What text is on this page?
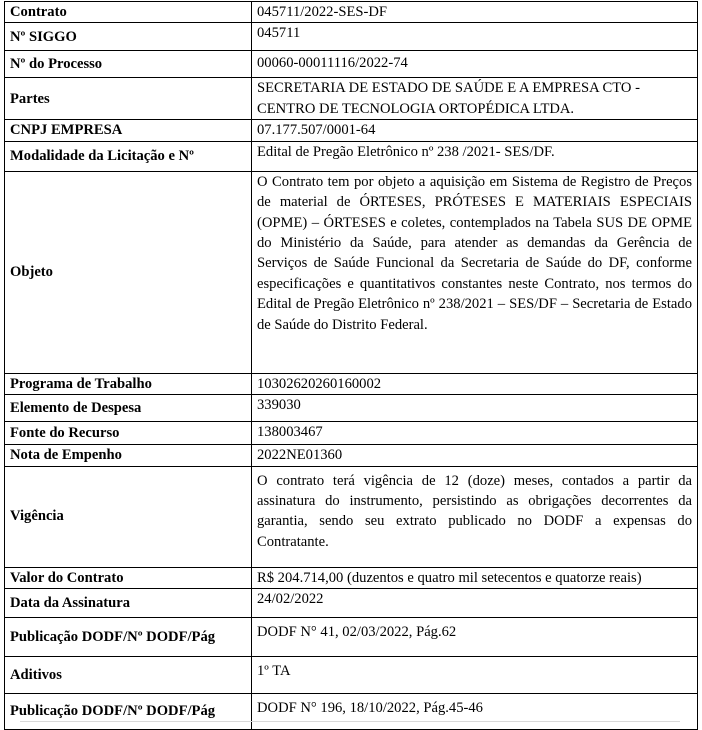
Contrato	045711/2022-SES-DF
Nº SIGGO	045711
Nº do Processo	00060-00011116/2022-74
Partes	SECRETARIA DE ESTADO DE SAÚDE E A EMPRESA CTO - CENTRO DE TECNOLOGIA ORTOPÉDICA LTDA.
CNPJ EMPRESA	07.177.507/0001-64
Modalidade da Licitação e Nº	Edital de Pregão Eletrônico nº 238 /2021- SES/DF.
Objeto	O Contrato tem por objeto a aquisição em Sistema de Registro de Preços de material de ÓRTESES, PRÓTESES E MATERIAIS ESPECIAIS (OPME) – ÓRTESES e coletes, contemplados na Tabela SUS DE OPME do Ministério da Saúde, para atender as demandas da Gerência de Serviços de Saúde Funcional da Secretaria de Saúde do DF, conforme especificações e quantitativos constantes neste Contrato, nos termos do Edital de Pregão Eletrônico nº 238/2021 – SES/DF – Secretaria de Estado de Saúde do Distrito Federal.
Programa de Trabalho	10302620260160002
Elemento de Despesa	339030
Fonte do Recurso	138003467
Nota de Empenho	2022NE01360
Vigência	O contrato terá vigência de 12 (doze) meses, contados a partir da assinatura do instrumento, persistindo as obrigações decorrentes da garantia, sendo seu extrato publicado no DODF a expensas do Contratante.
Valor do Contrato	R$ 204.714,00 (duzentos e quatro mil setecentos e quatorze reais)
Data da Assinatura	24/02/2022
Publicação DODF/Nº DODF/Pág	DODF N° 41, 02/03/2022, Pág.62
Aditivos	1º TA
Publicação DODF/Nº DODF/Pág	DODF N° 196, 18/10/2022, Pág.45-46
